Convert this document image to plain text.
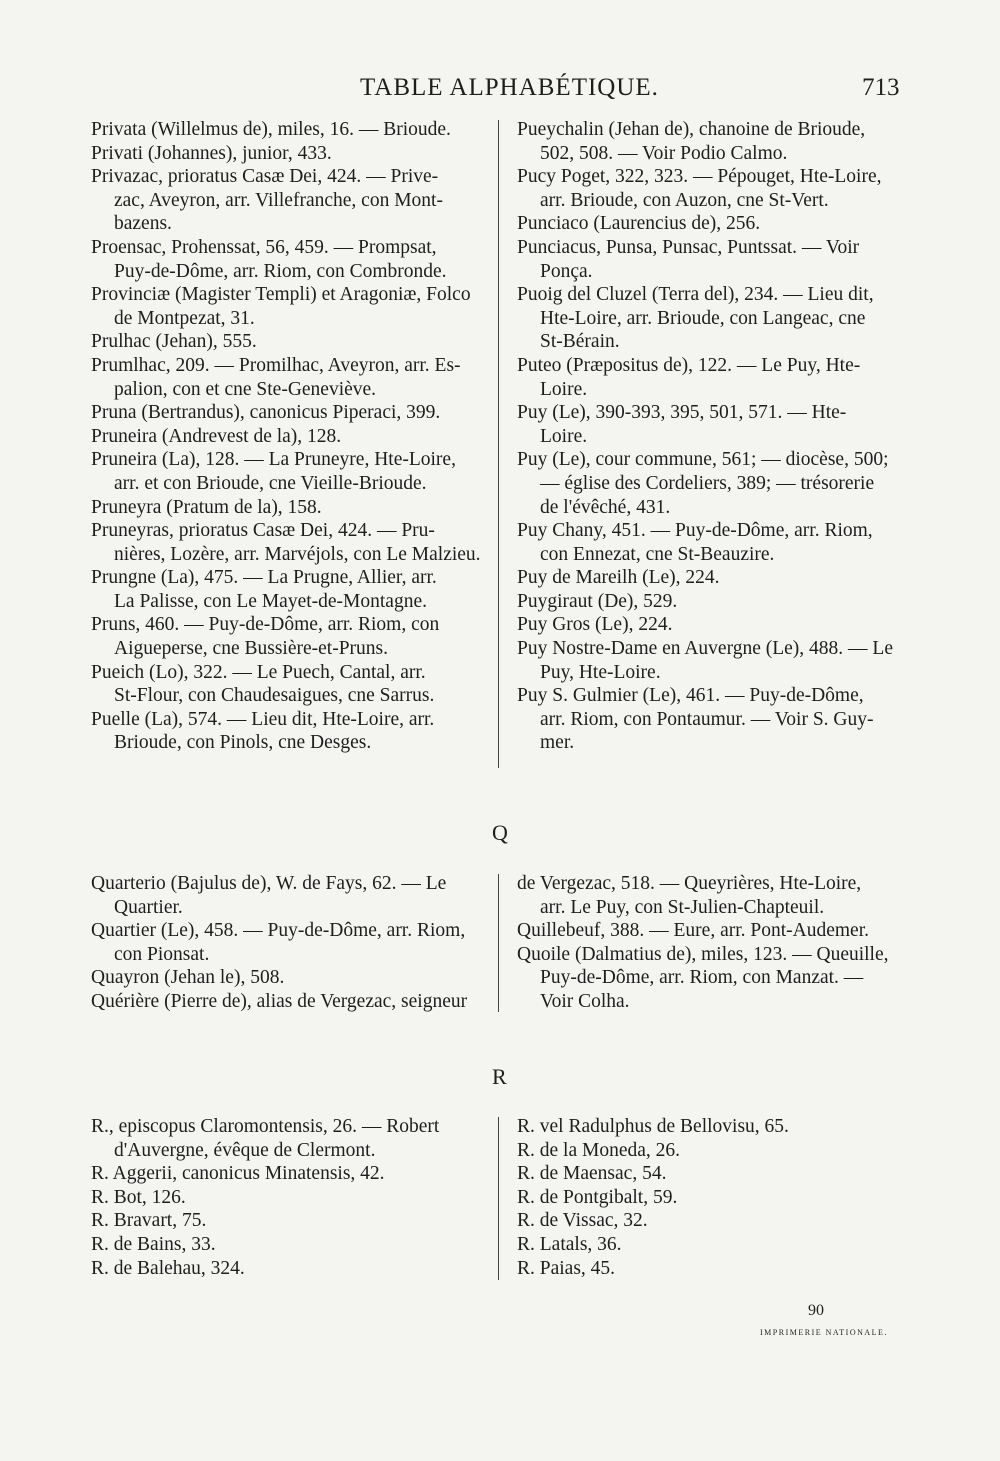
TABLE ALPHABÉTIQUE.	713

Privata (Willelmus de), miles, 16. — Brioude.

Privati (Johannes), junior, 433.

Privazac, prioratus Casæ Dei, 424. — Prive-

zac, Aveyron, arr. Villefranche, con Mont-

bazens.

Proensac, Prohenssat, 56, 459. — Prompsat,

Puy-de-Dôme, arr. Riom, con Combronde.

Provinciæ (Magister Templi) et Aragoniæ, Folco

de Montpezat, 31.

Prulhac (Jehan), 555.

Prumlhac, 209. — Promilhac, Aveyron, arr. Es-

palion, con et cne Ste-Geneviève.

Pruna (Bertrandus), canonicus Piperaci, 399.

Pruneira (Andrevest de la), 128.

Pruneira (La), 128. — La Pruneyre, Hte-Loire,

arr. et con Brioude, cne Vieille-Brioude.

Pruneyra (Pratum de la), 158.

Pruneyras, prioratus Casæ Dei, 424. — Pru-

nières, Lozère, arr. Marvéjols, con Le Malzieu.

Prungne (La), 475. — La Prugne, Allier, arr.

La Palisse, con Le Mayet-de-Montagne.

Pruns, 460. — Puy-de-Dôme, arr. Riom, con

Aigueperse, cne Bussière-et-Pruns.

Pueich (Lo), 322. — Le Puech, Cantal, arr.

St-Flour, con Chaudesaigues, cne Sarrus.

Puelle (La), 574. — Lieu dit, Hte-Loire, arr.

Brioude, con Pinols, cne Desges.

Pueychalin (Jehan de), chanoine de Brioude,

502, 508. — Voir Podio Calmo.

Pucy Poget, 322, 323. — Pépouget, Hte-Loire,

arr. Brioude, con Auzon, cne St-Vert.

Punciaco (Laurencius de), 256.

Punciacus, Punsa, Punsac, Puntssat. — Voir

Ponça.

Puoig del Cluzel (Terra del), 234. — Lieu dit,

Hte-Loire, arr. Brioude, con Langeac, cne

St-Bérain.

Puteo (Præpositus de), 122. — Le Puy, Hte-

Loire.

Puy (Le), 390-393, 395, 501, 571. — Hte-

Loire.

Puy (Le), cour commune, 561; — diocèse, 500;

— église des Cordeliers, 389; — trésorerie

de l'évêché, 431.

Puy Chany, 451. — Puy-de-Dôme, arr. Riom,

con Ennezat, cne St-Beauzire.

Puy de Mareilh (Le), 224.

Puygiraut (De), 529.

Puy Gros (Le), 224.

Puy Nostre-Dame en Auvergne (Le), 488. — Le

Puy, Hte-Loire.

Puy S. Gulmier (Le), 461. — Puy-de-Dôme,

arr. Riom, con Pontaumur. — Voir S. Guy-

mer.

Q

Quarterio (Bajulus de), W. de Fays, 62. — Le

Quartier.

Quartier (Le), 458. — Puy-de-Dôme, arr. Riom,

con Pionsat.

Quayron (Jehan le), 508.

Quérière (Pierre de), alias de Vergezac, seigneur

de Vergezac, 518. — Queyrières, Hte-Loire,

arr. Le Puy, con St-Julien-Chapteuil.

Quillebeuf, 388. — Eure, arr. Pont-Audemer.

Quoile (Dalmatius de), miles, 123. — Queuille,

Puy-de-Dôme, arr. Riom, con Manzat. —

Voir Colha.

R

R., episcopus Claromontensis, 26. — Robert

d'Auvergne, évêque de Clermont.

R. Aggerii, canonicus Minatensis, 42.

R. Bot, 126.

R. Bravart, 75.

R. de Bains, 33.

R. de Balehau, 324.

R. vel Radulphus de Bellovisu, 65.

R. de la Moneda, 26.

R. de Maensac, 54.

R. de Pontgibalt, 59.

R. de Vissac, 32.

R. Latals, 36.

R. Paias, 45.

90
IMPRIMERIE NATIONALE.
